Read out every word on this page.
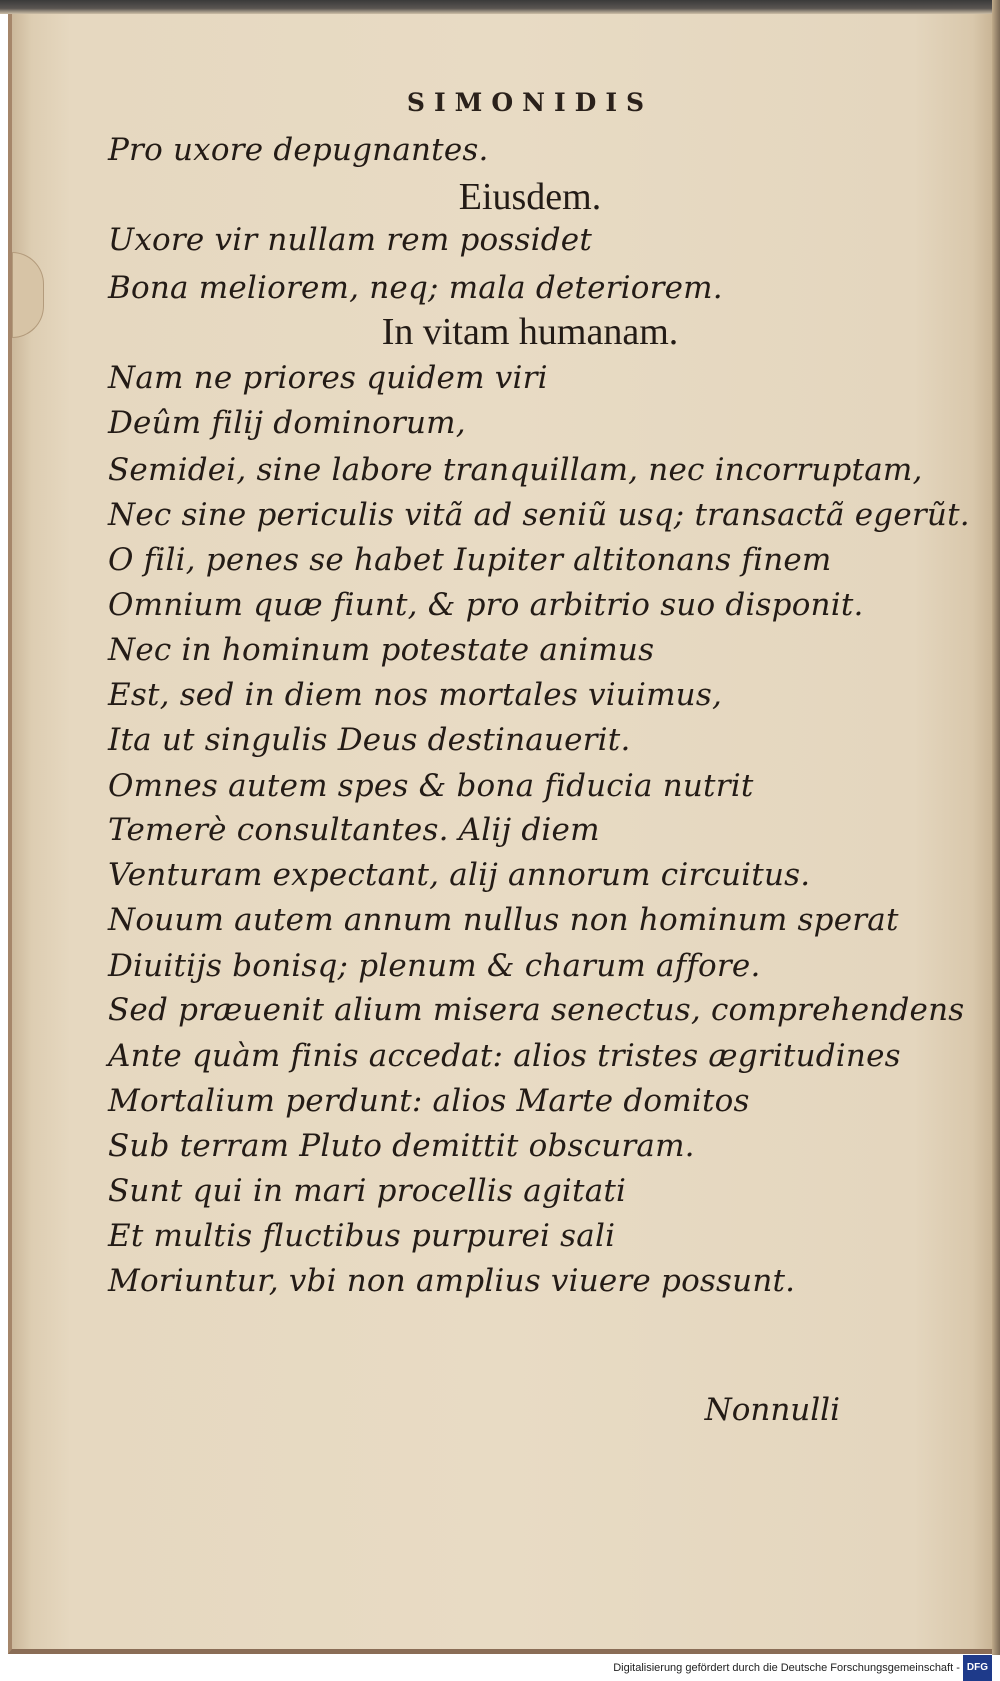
SIMONIDIS
Pro uxore depugnantes.
Eiusdem.
Uxore vir nullam rem possidet
Bona meliorem, neq; mala deteriorem.
In vitam humanam.
Nam ne priores quidem viri
Deûm filij dominorum,
Semidei, sine labore tranquillam, nec incorruptam,
Nec sine periculis vitã ad seniũ usq; transactã egerũt.
O fili, penes se habet Iupiter altitonans finem
Omnium quæ fiunt, & pro arbitrio suo disponit.
Nec in hominum potestate animus
Est, sed in diem nos mortales viuimus,
Ita ut singulis Deus destinauerit.
Omnes autem spes & bona fiducia nutrit
Temerè consultantes. Alij diem
Venturam expectant, alij annorum circuitus.
Nouum autem annum nullus non hominum sperat
Diuitijs bonisq; plenum & charum affore.
Sed præuenit alium misera senectus, comprehendens
Ante quàm finis accedat: alios tristes ægritudines
Mortalium perdunt: alios Marte domitos
Sub terram Pluto demittit obscuram.
Sunt qui in mari procellis agitati
Et multis fluctibus purpurei sali
Moriuntur, vbi non amplius viuere possunt.
Nonnulli
Digitalisierung gefördert durch die Deutsche Forschungsgemeinschaft - DFG
